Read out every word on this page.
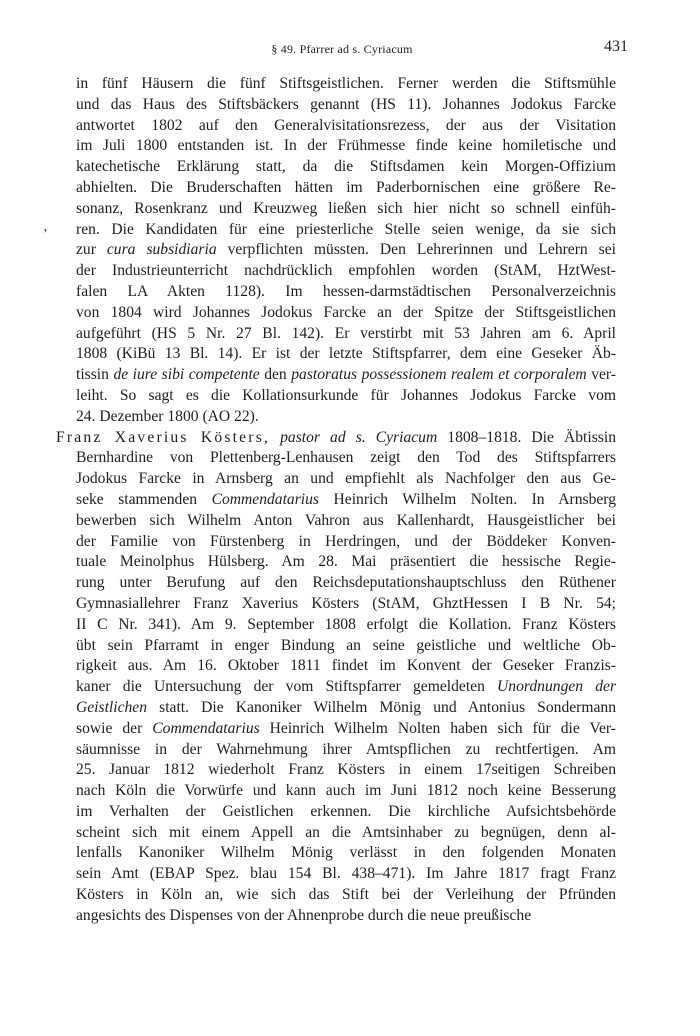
§ 49. Pfarrer ad s. Cyriacum	431
’
in fünf Häusern die fünf Stiftsgeistlichen. Ferner werden die Stiftsmühle
und das Haus des Stiftsbäckers genannt (HS 11). Johannes Jodokus Farcke
antwortet 1802 auf den Generalvisitationsrezess, der aus der Visitation
im Juli 1800 entstanden ist. In der Frühmesse finde keine homiletische und
katechetische Erklärung statt, da die Stiftsdamen kein Morgen-Offizium
abhielten. Die Bruderschaften hätten im Paderbornischen eine größere Re-
sonanz, Rosenkranz und Kreuzweg ließen sich hier nicht so schnell einfüh-
ren. Die Kandidaten für eine priesterliche Stelle seien wenige, da sie sich
zur cura subsidiaria verpflichten müssten. Den Lehrerinnen und Lehrern sei
der Industrieunterricht nachdrücklich empfohlen worden (StAM, HztWest-
falen LA Akten 1128). Im hessen-darmstädtischen Personalverzeichnis
von 1804 wird Johannes Jodokus Farcke an der Spitze der Stiftsgeistlichen
aufgeführt (HS 5 Nr. 27 Bl. 142). Er verstirbt mit 53 Jahren am 6. April
1808 (KiBü 13 Bl. 14). Er ist der letzte Stiftspfarrer, dem eine Geseker Äb-
tissin de iure sibi competente den pastoratus possessionem realem et corporalem ver-
leiht. So sagt es die Kollationsurkunde für Johannes Jodokus Farcke vom
24. Dezember 1800 (AO 22).
Franz Xaverius Kösters, pastor ad s. Cyriacum 1808–1818. Die Äbtissin
Bernhardine von Plettenberg-Lenhausen zeigt den Tod des Stiftspfarrers
Jodokus Farcke in Arnsberg an und empfiehlt als Nachfolger den aus Ge-
seke stammenden Commendatarius Heinrich Wilhelm Nolten. In Arnsberg
bewerben sich Wilhelm Anton Vahron aus Kallenhardt, Hausgeistlicher bei
der Familie von Fürstenberg in Herdringen, und der Böddeker Konven-
tuale Meinolphus Hülsberg. Am 28. Mai präsentiert die hessische Regie-
rung unter Berufung auf den Reichsdeputationshauptschluss den Rüthener
Gymnasiallehrer Franz Xaverius Kösters (StAM, GhztHessen I B Nr. 54;
II C Nr. 341). Am 9. September 1808 erfolgt die Kollation. Franz Kösters
übt sein Pfarramt in enger Bindung an seine geistliche und weltliche Ob-
rigkeit aus. Am 16. Oktober 1811 findet im Konvent der Geseker Franzis-
kaner die Untersuchung der vom Stiftspfarrer gemeldeten Unordnungen der
Geistlichen statt. Die Kanoniker Wilhelm Mönig und Antonius Sondermann
sowie der Commendatarius Heinrich Wilhelm Nolten haben sich für die Ver-
säumnisse in der Wahrnehmung ihrer Amtspflichen zu rechtfertigen. Am
25. Januar 1812 wiederholt Franz Kösters in einem 17seitigen Schreiben
nach Köln die Vorwürfe und kann auch im Juni 1812 noch keine Besserung
im Verhalten der Geistlichen erkennen. Die kirchliche Aufsichtsbehörde
scheint sich mit einem Appell an die Amtsinhaber zu begnügen, denn al-
lenfalls Kanoniker Wilhelm Mönig verlässt in den folgenden Monaten
sein Amt (EBAP Spez. blau 154 Bl. 438–471). Im Jahre 1817 fragt Franz
Kösters in Köln an, wie sich das Stift bei der Verleihung der Pfründen
angesichts des Dispenses von der Ahnenprobe durch die neue preußische
